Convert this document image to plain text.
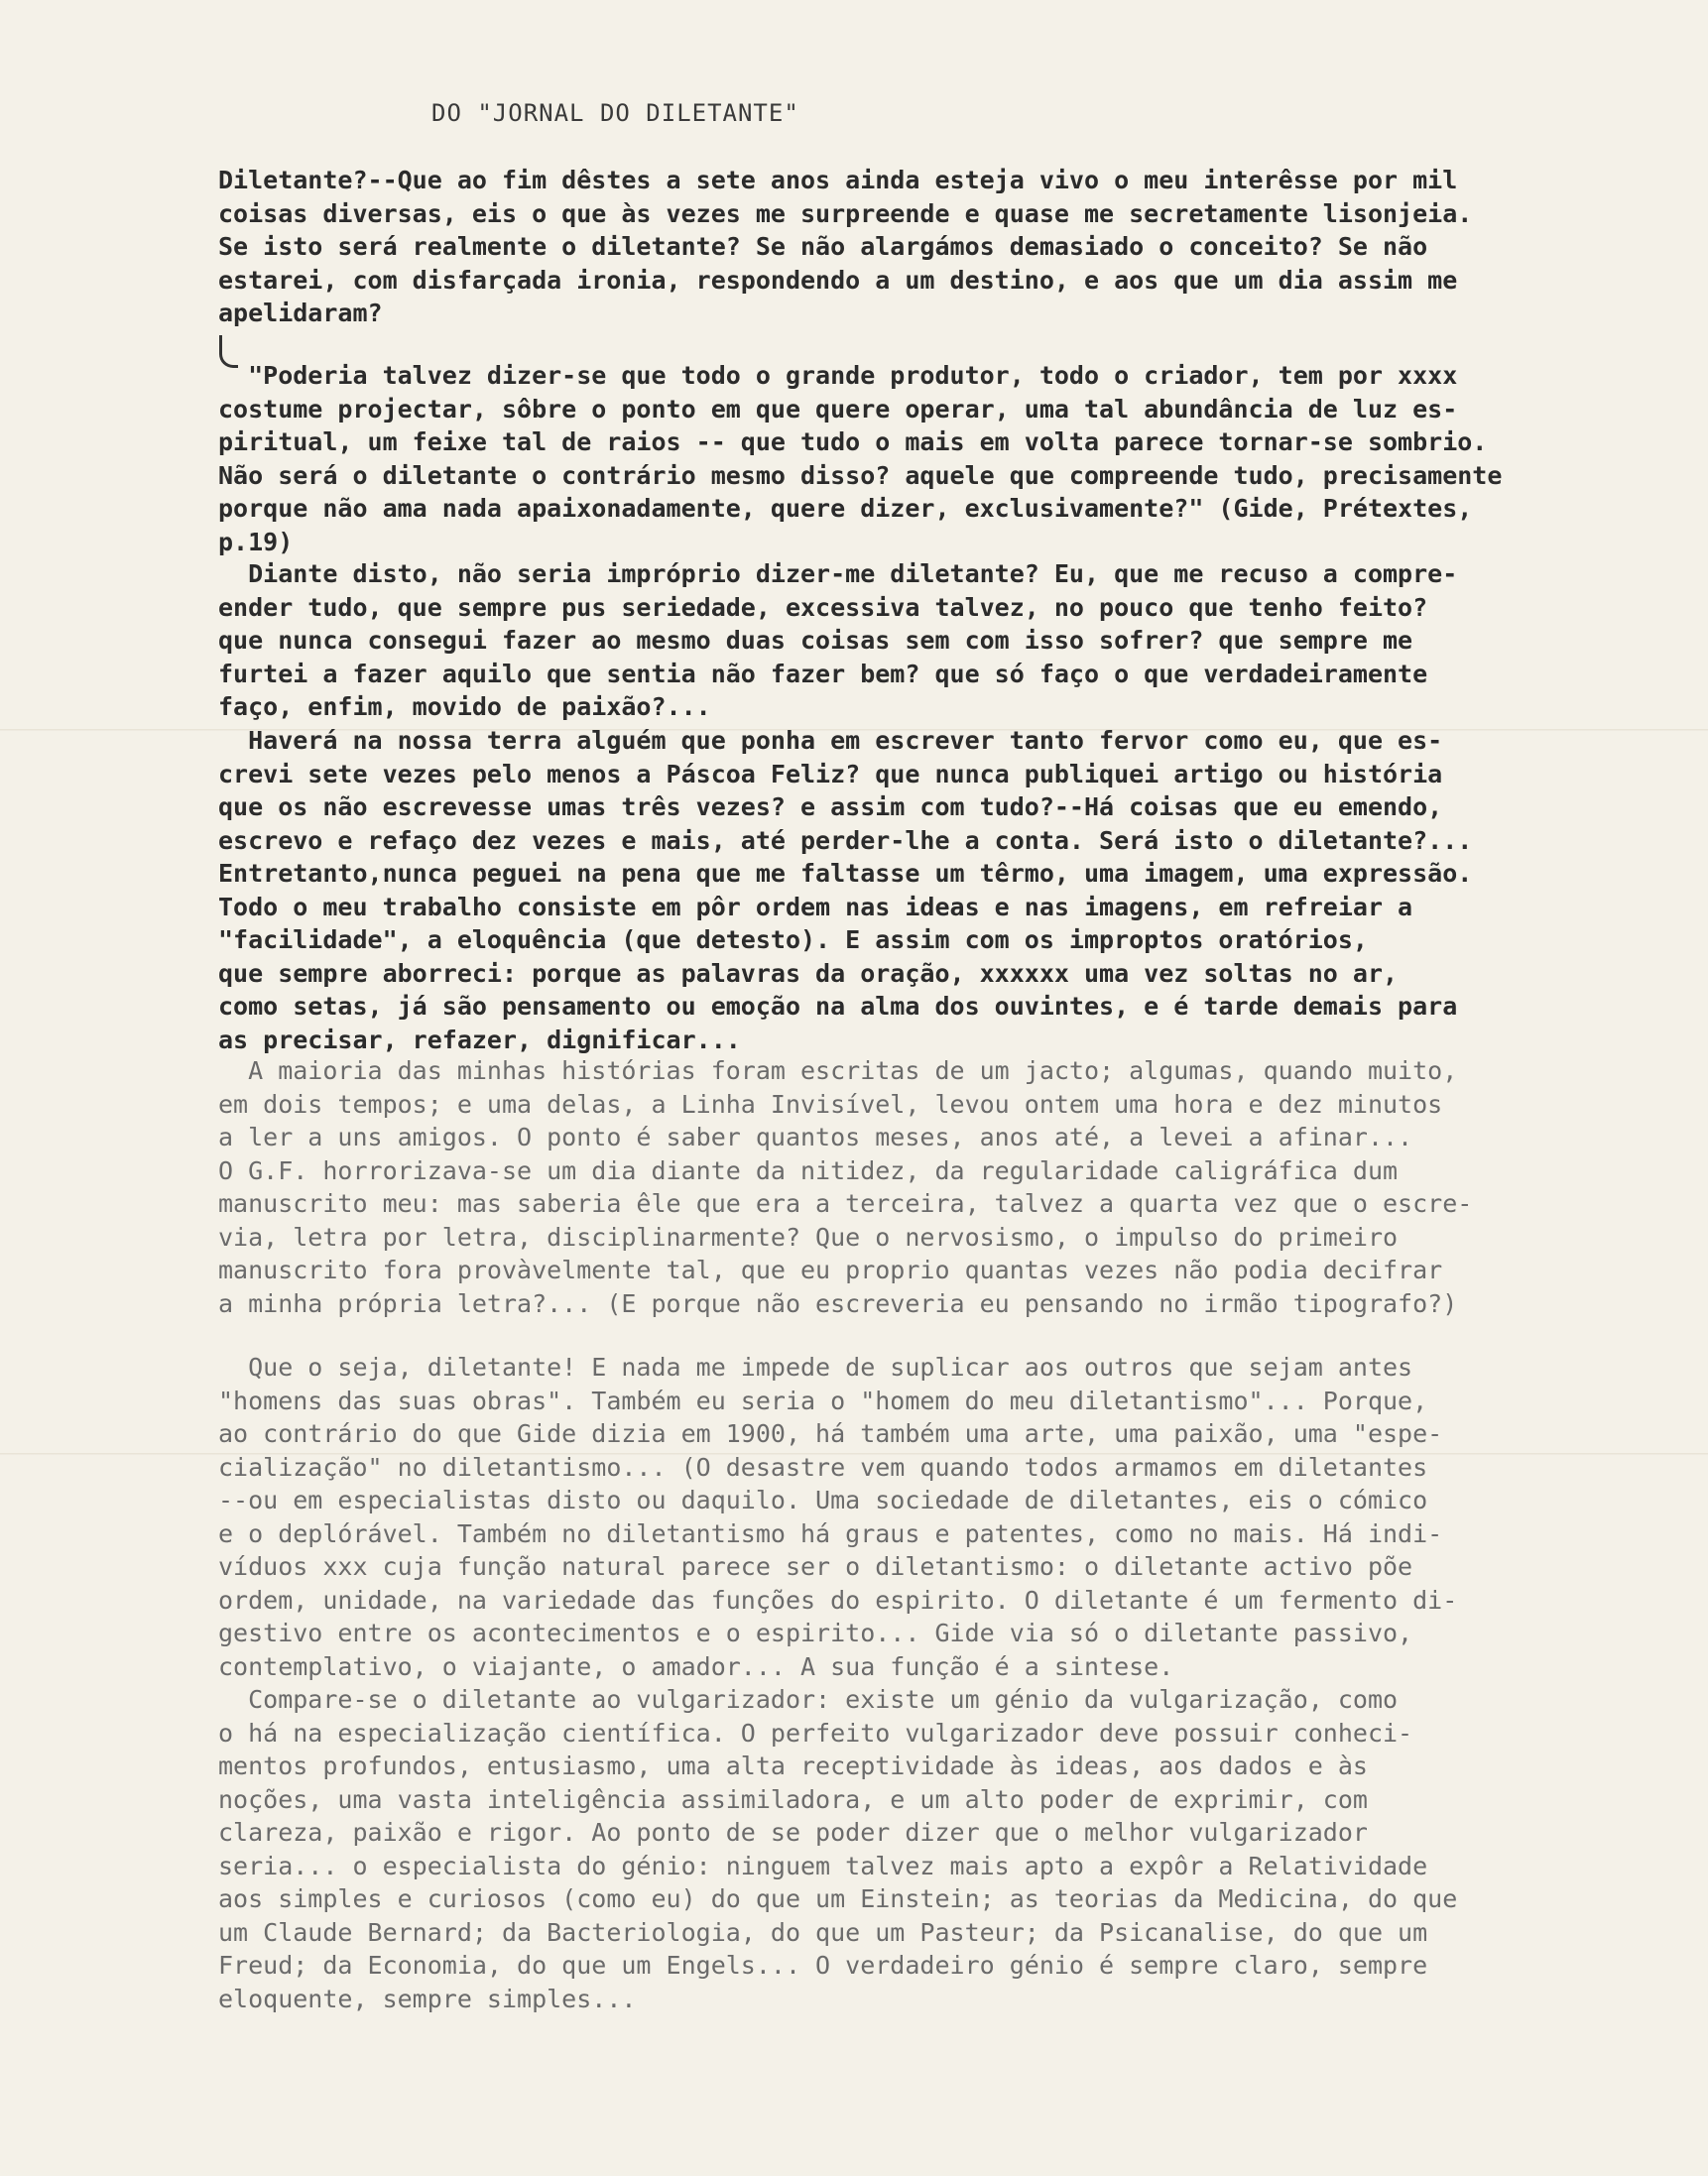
DO "JORNAL DO DILETANTE"
Diletante?--Que ao fim dêstes a sete anos ainda esteja vivo o meu interêsse por mil
coisas diversas, eis o que às vezes me surpreende e quase me secretamente lisonjeia.
Se isto será realmente o diletante? Se não alargámos demasiado o conceito? Se não
estarei, com disfarçada ironia, respondendo a um destino, e aos que um dia assim me
apelidaram?
"Poderia talvez dizer-se que todo o grande produtor, todo o criador, tem por xxxx
costume projectar, sôbre o ponto em que quere operar, uma tal abundância de luz es-
piritual, um feixe tal de raios -- que tudo o mais em volta parece tornar-se sombrio.
Não será o diletante o contrário mesmo disso? aquele que compreende tudo, precisamente
porque não ama nada apaixonadamente, quere dizer, exclusivamente?" (Gide, Prétextes,
p.19)
Diante disto, não seria impróprio dizer-me diletante? Eu, que me recuso a compre-
ender tudo, que sempre pus seriedade, excessiva talvez, no pouco que tenho feito?
que nunca consegui fazer ao mesmo duas coisas sem com isso sofrer? que sempre me
furtei a fazer aquilo que sentia não fazer bem? que só faço o que verdadeiramente
faço, enfim, movido de paixão?...
Haverá na nossa terra alguém que ponha em escrever tanto fervor como eu, que es-
crevi sete vezes pelo menos a Páscoa Feliz? que nunca publiquei artigo ou história
que os não escrevesse umas três vezes? e assim com tudo?--Há coisas que eu emendo,
escrevo e refaço dez vezes e mais, até perder-lhe a conta. Será isto o diletante?...
Entretanto,nunca peguei na pena que me faltasse um têrmo, uma imagem, uma expressão.
Todo o meu trabalho consiste em pôr ordem nas ideas e nas imagens, em refreiar a
"facilidade", a eloquência (que detesto). E assim com os improptos oratórios,
que sempre aborreci: porque as palavras da oração, xxxxxx uma vez soltas no ar,
como setas, já são pensamento ou emoção na alma dos ouvintes, e é tarde demais para
as precisar, refazer, dignificar...
A maioria das minhas histórias foram escritas de um jacto; algumas, quando muito,
em dois tempos; e uma delas, a Linha Invisível, levou ontem uma hora e dez minutos
a ler a uns amigos. O ponto é saber quantos meses, anos até, a levei a afinar...
O G.F. horrorizava-se um dia diante da nitidez, da regularidade caligráfica dum
manuscrito meu: mas saberia êle que era a terceira, talvez a quarta vez que o escre-
via, letra por letra, disciplinarmente? Que o nervosismo, o impulso do primeiro
manuscrito fora provàvelmente tal, que eu proprio quantas vezes não podia decifrar
a minha própria letra?... (E porque não escreveria eu pensando no irmão tipografo?)
Que o seja, diletante! E nada me impede de suplicar aos outros que sejam antes
"homens das suas obras". Também eu seria o "homem do meu diletantismo"... Porque,
ao contrário do que Gide dizia em 1900, há também uma arte, uma paixão, uma "espe-
cialização" no diletantismo... (O desastre vem quando todos armamos em diletantes
--ou em especialistas disto ou daquilo. Uma sociedade de diletantes, eis o cómico
e o deplórável. Também no diletantismo há graus e patentes, como no mais. Há indi-
víduos xxx cuja função natural parece ser o diletantismo: o diletante activo põe
ordem, unidade, na variedade das funções do espirito. O diletante é um fermento di-
gestivo entre os acontecimentos e o espirito... Gide via só o diletante passivo,
contemplativo, o viajante, o amador... A sua função é a sintese.
Compare-se o diletante ao vulgarizador: existe um génio da vulgarização, como
o há na especialização científica. O perfeito vulgarizador deve possuir conheci-
mentos profundos, entusiasmo, uma alta receptividade às ideas, aos dados e às
noções, uma vasta inteligência assimiladora, e um alto poder de exprimir, com
clareza, paixão e rigor. Ao ponto de se poder dizer que o melhor vulgarizador
seria... o especialista do génio: ninguem talvez mais apto a expôr a Relatividade
aos simples e curiosos (como eu) do que um Einstein; as teorias da Medicina, do que
um Claude Bernard; da Bacteriologia, do que um Pasteur; da Psicanalise, do que um
Freud; da Economia, do que um Engels... O verdadeiro génio é sempre claro, sempre
eloquente, sempre simples...
